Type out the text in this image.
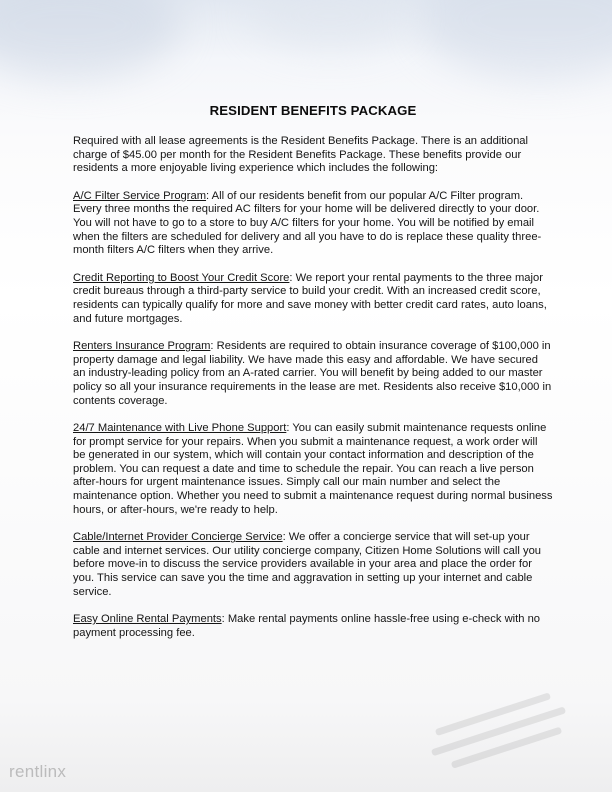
RESIDENT BENEFITS PACKAGE

Required with all lease agreements is the Resident Benefits Package. There is an additional charge of $45.00 per month for the Resident Benefits Package. These benefits provide our residents a more enjoyable living experience which includes the following:

A/C Filter Service Program: All of our residents benefit from our popular A/C Filter program. Every three months the required AC filters for your home will be delivered directly to your door. You will not have to go to a store to buy A/C filters for your home. You will be notified by email when the filters are scheduled for delivery and all you have to do is replace these quality three-month filters A/C filters when they arrive.

Credit Reporting to Boost Your Credit Score: We report your rental payments to the three major credit bureaus through a third-party service to build your credit. With an increased credit score, residents can typically qualify for more and save money with better credit card rates, auto loans, and future mortgages.

Renters Insurance Program: Residents are required to obtain insurance coverage of $100,000 in property damage and legal liability. We have made this easy and affordable. We have secured an industry-leading policy from an A-rated carrier. You will benefit by being added to our master policy so all your insurance requirements in the lease are met. Residents also receive $10,000 in contents coverage.

24/7 Maintenance with Live Phone Support: You can easily submit maintenance requests online for prompt service for your repairs. When you submit a maintenance request, a work order will be generated in our system, which will contain your contact information and description of the problem. You can request a date and time to schedule the repair. You can reach a live person after-hours for urgent maintenance issues. Simply call our main number and select the maintenance option. Whether you need to submit a maintenance request during normal business hours, or after-hours, we're ready to help.

Cable/Internet Provider Concierge Service: We offer a concierge service that will set-up your cable and internet services. Our utility concierge company, Citizen Home Solutions will call you before move-in to discuss the service providers available in your area and place the order for you. This service can save you the time and aggravation in setting up your internet and cable service.

Easy Online Rental Payments: Make rental payments online hassle-free using e-check with no payment processing fee.

rentlinx
